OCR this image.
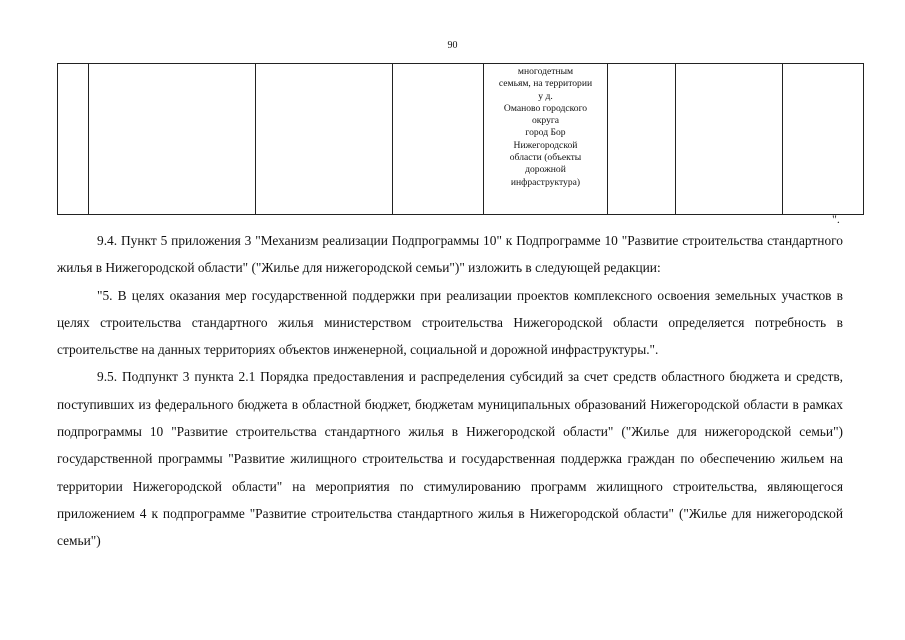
90

многодетным
семьям, на территории
у д.
Оманово городского
округа
город Бор
Нижегородской
области (объекты
дорожной
инфраструктура)

".

9.4. Пункт 5 приложения 3 "Механизм реализации Подпрограммы 10" к Подпрограмме 10 "Развитие строительства стандартного жилья в Нижегородской области" ("Жилье для нижегородской семьи")" изложить в следующей редакции:

"5. В целях оказания мер государственной поддержки при реализации проектов комплексного освоения земельных участков в целях строительства стандартного жилья министерством строительства Нижегородской области определяется потребность в строительстве на данных территориях объектов инженерной, социальной и дорожной инфраструктуры.".

9.5. Подпункт 3 пункта 2.1 Порядка предоставления и распределения субсидий за счет средств областного бюджета и средств, поступивших из федерального бюджета в областной бюджет, бюджетам муниципальных образований Нижегородской области в рамках подпрограммы 10 "Развитие строительства стандартного жилья в Нижегородской области" ("Жилье для нижегородской семьи") государственной программы "Развитие жилищного строительства и государственная поддержка граждан по обеспечению жильем на территории Нижегородской области" на мероприятия по стимулированию программ жилищного строительства, являющегося приложением 4 к подпрограмме "Развитие строительства стандартного жилья в Нижегородской области" ("Жилье для нижегородской семьи")
